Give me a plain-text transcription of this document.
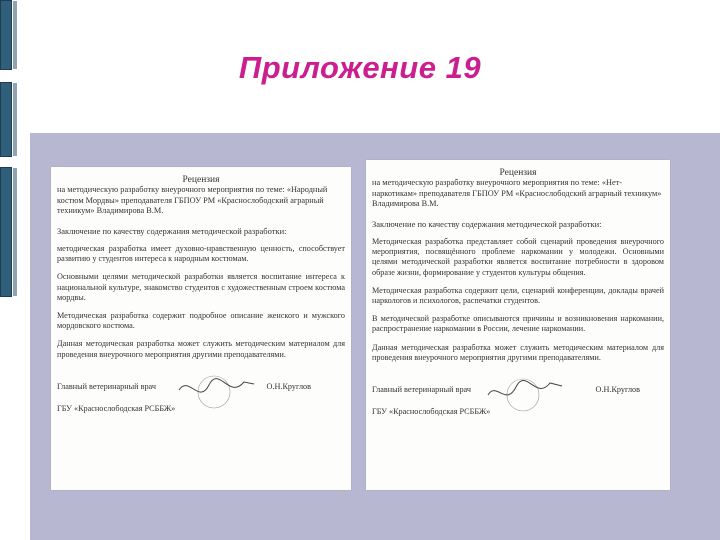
Приложение 19
Рецензия
на методическую разработку внеурочного мероприятия по теме: «Народный костюм Мордвы» преподавателя ГБПОУ РМ «Краснослободский аграрный техникум» Владимирова В.М.
Заключение по качеству содержания методической разработки:
методическая разработка имеет духовно-нравственную ценность, способствует развитию у студентов интереса к народным костюмам.
Основными целями методической разработки является воспитание интереса к национальной культуре, знакомство студентов с художественным строем костюма мордвы.
Методическая разработка содержит подробное описание женского и мужского мордовского костюма.
Данная методическая разработка может служить методическим материалом для проведения внеурочного мероприятия другими преподавателями.
Главный ветеринарный врач	О.Н.Круглов
ГБУ «Краснослободская РСББЖ»
Рецензия
на методическую разработку внеурочного мероприятия по теме: «Нет-наркотикам» преподавателя ГБПОУ РМ «Краснослободский аграрный техникум» Владимирова В.М.
Заключение по качеству содержания методической разработки:
Методическая разработка представляет собой сценарий проведения внеурочного мероприятия, посвящённого проблеме наркомании у молодежи. Основными целями методической разработки является воспитание потребности в здоровом образе жизни, формирование у студентов культуры общения.
Методическая разработка содержит цели, сценарий конференции, доклады врачей наркологов и психологов, распечатки студентов.
В методической разработке описываются причины и возникновения наркомании, распространение наркомании в России, лечение наркомании.
Данная методическая разработка может служить методическим материалом для проведения внеурочного мероприятия другими преподавателями.
Главный ветеринарный врач	О.Н.Круглов
ГБУ «Краснослободская РСББЖ»
